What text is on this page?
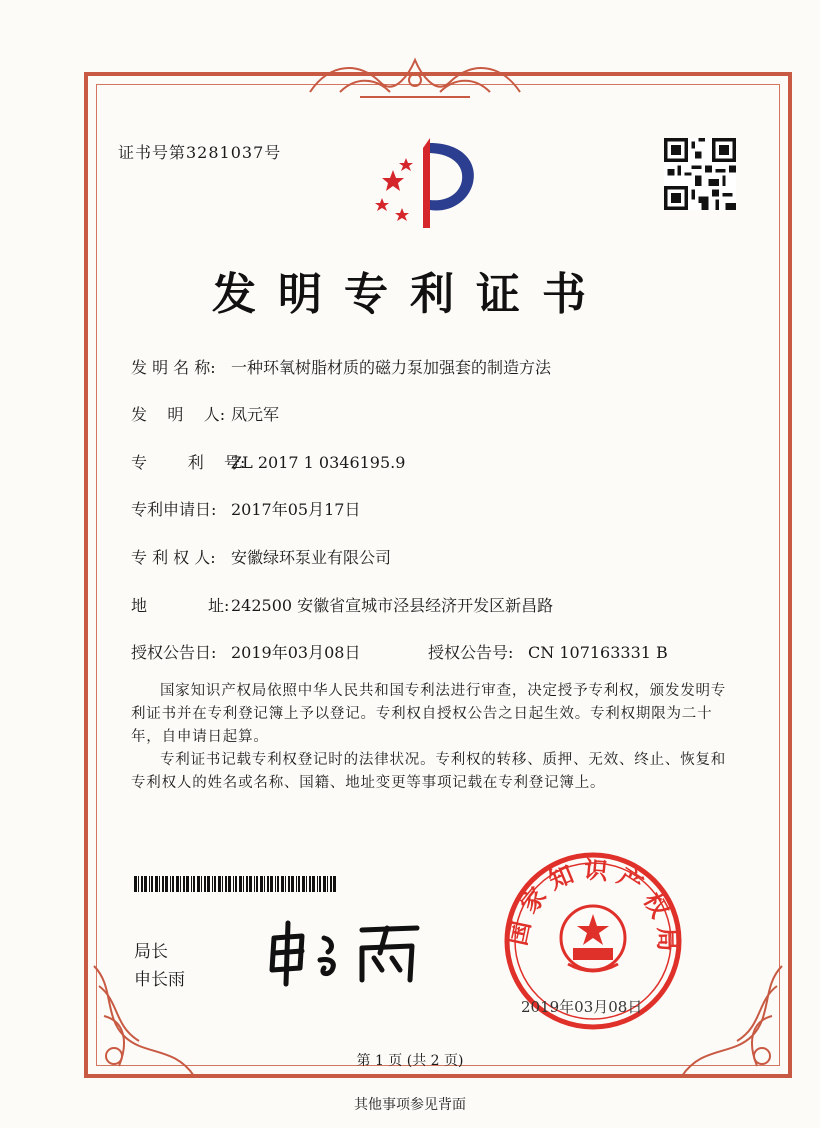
证书号第3281037号
发明专利证书
发 明 名 称: 一种环氧树脂材质的磁力泵加强套的制造方法
发    明    人: 凤元军
专        利    号:ZL 2017 1 0346195.9
专利申请日: 2017年05月17日
专 利 权 人: 安徽绿环泵业有限公司
地            址:242500 安徽省宣城市泾县经济开发区新昌路
授权公告日: 2019年03月08日	授权公告号: CN 107163331 B
国家知识产权局依照中华人民共和国专利法进行审查，决定授予专利权，颁发发明专利证书并在专利登记簿上予以登记。专利权自授权公告之日起生效。专利权期限为二十年，自申请日起算。
专利证书记载专利权登记时的法律状况。专利权的转移、质押、无效、终止、恢复和专利权人的姓名或名称、国籍、地址变更等事项记载在专利登记簿上。
局长
申长雨
国家知识产权局
2019年03月08日
第 1 页 (共 2 页)
其他事项参见背面
